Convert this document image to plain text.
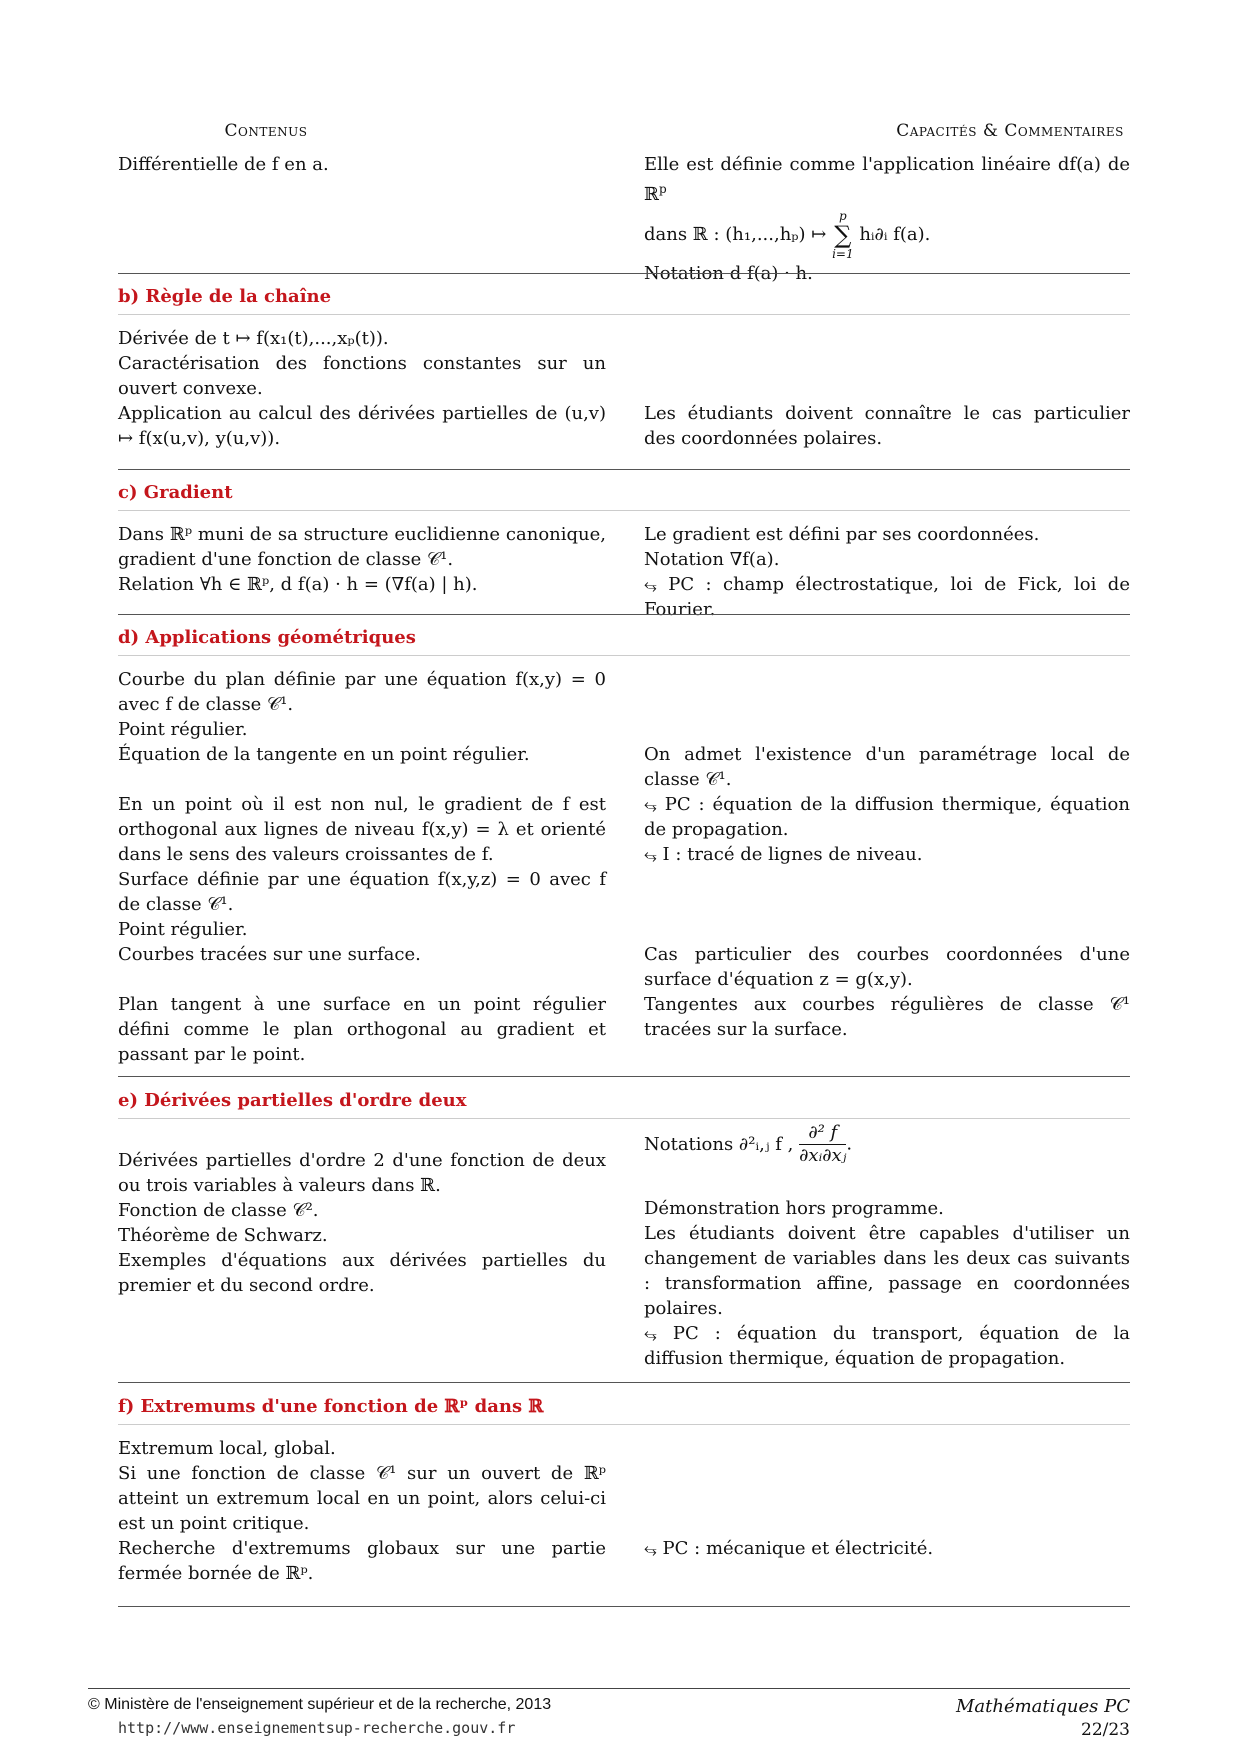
Contenus	Capacités & Commentaires
Différentielle de f en a.	Elle est définie comme l'application linéaire df(a) de ℝ$^p$
dans ℝ : (h₁,...,hₚ) ↦
p
∑
i=1
hᵢ∂ᵢ f(a).
Notation d f(a) · h.
b) Règle de la chaîne
Dérivée de t ↦ f(x₁(t),...,xₚ(t)).
Caractérisation des fonctions constantes sur un ouvert convexe.
Application au calcul des dérivées partielles de (u,v) ↦ f(x(u,v), y(u,v)).
Les étudiants doivent connaître le cas particulier des coordonnées polaires.
c) Gradient
Dans ℝᵖ muni de sa structure euclidienne canonique, gradient d'une fonction de classe 𝒞¹.
Relation ∀h ∈ ℝᵖ, d f(a) · h = (∇f(a) | h).
Le gradient est défini par ses coordonnées.
Notation ∇f(a).
⥃ PC : champ électrostatique, loi de Fick, loi de Fourier.
d) Applications géométriques
Courbe du plan définie par une équation f(x,y) = 0 avec f de classe 𝒞¹.
Point régulier.
Équation de la tangente en un point régulier.
En un point où il est non nul, le gradient de f est orthogonal aux lignes de niveau f(x,y) = λ et orienté dans le sens des valeurs croissantes de f.
Surface définie par une équation f(x,y,z) = 0 avec f de classe 𝒞¹.
Point régulier.
Courbes tracées sur une surface.
Plan tangent à une surface en un point régulier défini comme le plan orthogonal au gradient et passant par le point.
On admet l'existence d'un paramétrage local de classe 𝒞¹.
⥃ PC : équation de la diffusion thermique, équation de propagation.
⥃ I : tracé de lignes de niveau.
Cas particulier des courbes coordonnées d'une surface d'équation z = g(x,y).
Tangentes aux courbes régulières de classe 𝒞¹ tracées sur la surface.
e) Dérivées partielles d'ordre deux
Dérivées partielles d'ordre 2 d'une fonction de deux ou trois variables à valeurs dans ℝ.
Fonction de classe 𝒞².
Théorème de Schwarz.
Exemples d'équations aux dérivées partielles du premier et du second ordre.
Notations ∂²ᵢ,ⱼ f , $\frac{\text{∂² f}}{\text{∂xᵢ∂xⱼ}}$ .
Démonstration hors programme.
Les étudiants doivent être capables d'utiliser un changement de variables dans les deux cas suivants : transformation affine, passage en coordonnées polaires.
⥃ PC : équation du transport, équation de la diffusion thermique, équation de propagation.
f) Extremums d'une fonction de ℝᵖ dans ℝ
Extremum local, global.
Si une fonction de classe 𝒞¹ sur un ouvert de ℝᵖ atteint un extremum local en un point, alors celui-ci est un point critique.
Recherche d'extremums globaux sur une partie fermée bornée de ℝᵖ.
⥃ PC : mécanique et électricité.
© Ministère de l'enseignement supérieur et de la recherche, 2013
http://www.enseignementsup-recherche.gouv.fr
Mathématiques PC
22/23
